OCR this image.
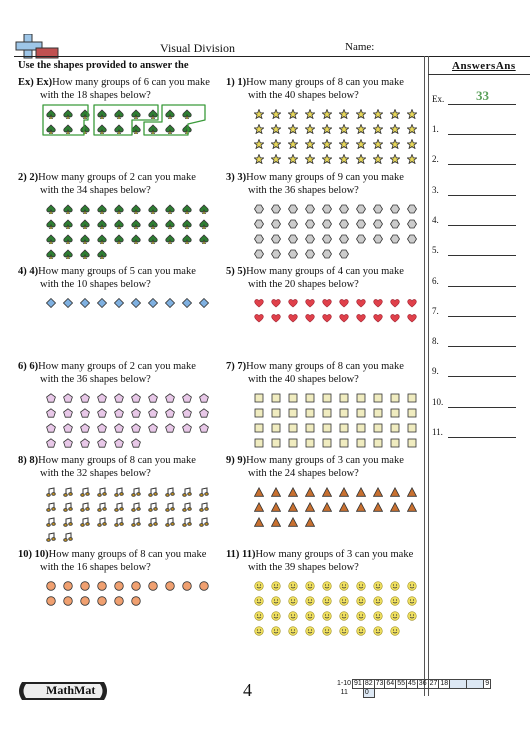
Visual Division	Name:
Use the shapes provided to answer the	AnswersAns
Ex. 33
1.
2.
3.
4.
5.
6.
7.
8.
9.
10.
11.
Ex) Ex)How many groups of 6 can you make
with the 18 shapes below?
1) 1)How many groups of 8 can you make
with the 40 shapes below?
2) 2)How many groups of 2 can you make
with the 34 shapes below?
3) 3)How many groups of 9 can you make
with the 36 shapes below?
4) 4)How many groups of 5 can you make
with the 10 shapes below?
5) 5)How many groups of 4 can you make
with the 20 shapes below?
6) 6)How many groups of 2 can you make
with the 36 shapes below?
7) 7)How many groups of 8 can you make
with the 40 shapes below?
8) 8)How many groups of 8 can you make
with the 32 shapes below?
9) 9)How many groups of 3 can you make
with the 24 shapes below?
10) 10)How many groups of 8 can you make
with the 16 shapes below?
11) 11)How many groups of 3 can you make
with the 39 shapes below?
MathMat	4	1-10	91	82	73	64	55	45	36	27	18			9
11		0										
